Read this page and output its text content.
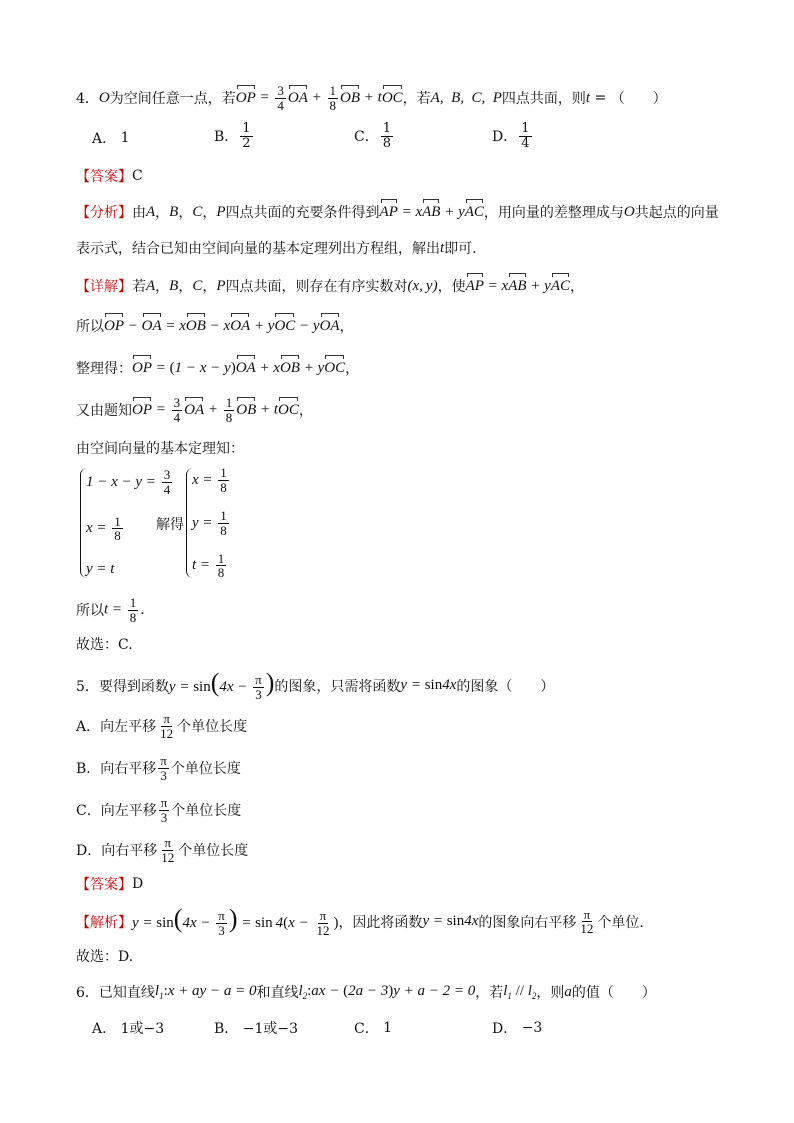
4． O 为空间任意一点，若 OP = $\frac{3}{4}$ OA + $\frac{1}{8}$ OB + tOC ，若 A,  B,  C,  P 四点共面，则 t = （　　）
A．
1	B． $\frac{1}{2}$	C． $\frac{1}{8}$	D． $\frac{1}{4}$
【答案】 C
【分析】 由 A ， B ， C ， P 四点共面的充要条件得到 AP = xAB + yAC ，用向量的差整理成与 O 共起点的向量
表示式，结合已知由空间向量的基本定理列出方程组，解出 t 即可.
【详解】 若 A ， B ， C ， P 四点共面，则存在有序实数对 (x, y) ，使 AP = xAB + yAC ，
所以 OP − OA = xOB − xOA + yOC − yOA ，
整理得： OP = (1 − x − y)OA + xOB + yOC ，
又由题知 OP = $\frac{3}{4}$ OA + $\frac{1}{8}$ OB + tOC ，
由空间向量的基本定理知：
$1 - x - y = \frac{3}{4}$
$x = \frac{1}{8}$
y = t
解得
$x = \frac{1}{8}$
$y = \frac{1}{8}$
$t = \frac{1}{8}$
所以 $t = \frac{1}{8}$ .
故选：C.
5． 要得到函数 $y = \sin(4x - \frac{\pi}{3}$ ) 的图象，只需将函数 y = sin4x 的图象（　　）
A． 向左平移 $\frac{\pi}{12}$ 个单位长度
B． 向右平移 $\frac{\pi}{3}$ 个单位长度
C． 向左平移 $\frac{\pi}{3}$ 个单位长度
D． 向右平移 $\frac{\pi}{12}$ 个单位长度
【答案】 D
【解析】 $y = \sin(4x - \frac{\pi}{3}$ ) = $\sin 4(x - \frac{\pi}{12}$ ) ，因此将函数 y = sin4x 的图象向右平移 $\frac{\pi}{12}$ 个单位.
故选：D.
6． 已知直线 $l_1:x$ + ay − a = 0 和直线 $l_2:ax - (2a - 3)y + a - 2 = 0$ ，若 $l_1 // l_2$ ，则 a 的值（　　）
A．
1或−3	B．
−1或−3	C．
1	D．
−3
